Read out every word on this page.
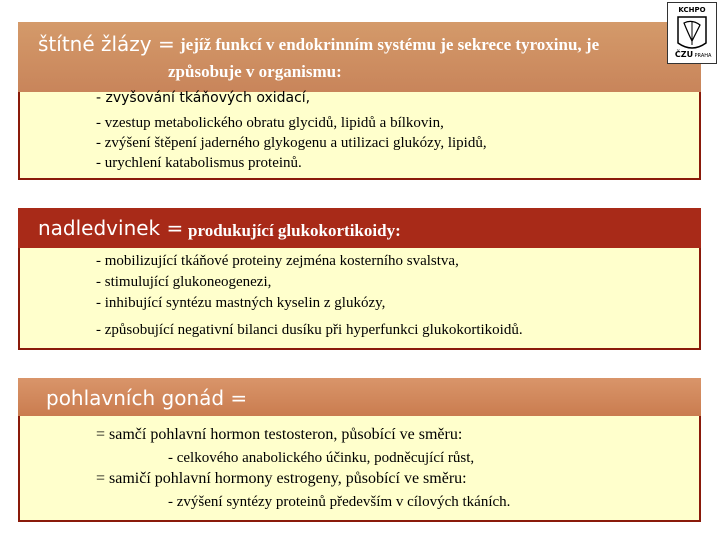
štítné žlázy = jejíž funkcí v endokrinním systému je sekrece tyroxinu, je
způsobuje v organismu:
- zvyšování tkáňových oxidací,
- vzestup metabolického obratu glycidů, lipidů a bílkovin,
- zvýšení štěpení jaderného glykogenu a utilizaci glukózy, lipidů,
- urychlení katabolismus proteinů.
nadledvinek = produkující glukokortikoidy:
- mobilizující tkáňové proteiny zejména kosterního svalstva,
- stimulující glukoneogenezi,
- inhibující syntézu mastných kyselin z glukózy,
- způsobující negativní bilanci dusíku při hyperfunkci glukokortikoidů.
pohlavních gonád =
= samčí pohlavní hormon testosteron, působící ve směru:
- celkového anabolického účinku, podněcující růst,
= samičí pohlavní hormony estrogeny, působící ve směru:
- zvýšení syntézy proteinů především v cílových tkáních.
KCHPO
ČZU PRAHA
